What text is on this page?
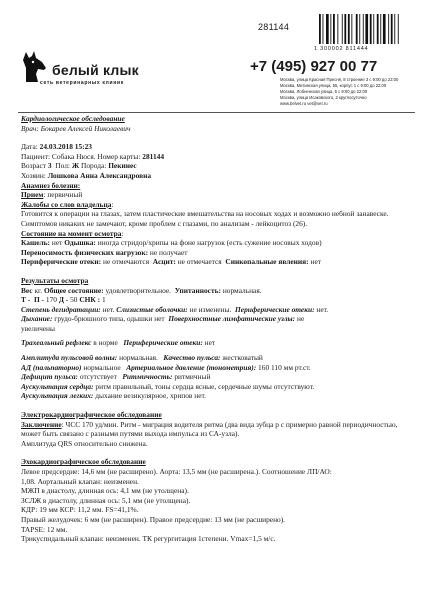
281144
1 300002 811444
белый клык
сеть ветеринарных клиник
+7 (495) 927 00 77
Москва, улица Красная Пресня, 8 строение 3 с 9:00 до 22:00
Москва, Митинская улица, 55, корпус 1 с 9:00 до 22:00
Москва, Лобненская улица, 5 с 9:00 до 22:00
Москва, улица Исаковского, 2 круглосуточно
www.belvet.ru vet@vet.ru
Кардиологическое обследование
Врач: Бокарев Алексей Николаевич
Дата: 24.03.2018 15:23
Пациент: Собака Нюся. Номер карты: 281144
Возраст 3 Пол: Ж Порода: Пекинес
Хозяин: Лошкова Анна Александровна
Анамнез болезни:
Прием: первичный
Жалобы со слов владельца:
Готовится к операции на глазах, затем пластические вмешательства на носовых ходах и возможно небной занавеске.
Симптомов никаких не замечают, кроме проблем с глазами, по анализам - лейкоцитоз (26).
Состояние на момент осмотра:
Кашель: нет Одышка: иногда стридор/хрипы на фоне нагрузок (есть сужение носовых ходов)
Переносимость физических нагрузок: не получает
Периферические отеки: не отмечаются Асцит: не отмечается Синкопальные явления: нет
Результаты осмотра
Вес кг. Общее состояние: удовлетворительное. Упитанность: нормальная.
Т - П - 170 Д - 50 СНК : 1
Степень дегидратации: нет. Слизистые оболочки: не изменены. Периферические отеки: нет.
Дыхание: грудо-брюшного типа, одышки нет Поверхностные лимфатические узлы: не
увеличены
Трахеальный рефлекс в норме Периферические отеки: нет
Амплитуда пульсовой волны: нормальная. Качество пульса: жестковатый
АД (пальпаторно) нормальное Артериальное давление (тонометрия): 160 110 мм рт.ст.
Дефицит пульса: отсутствует Ритмичность: ритмичный
Аускультация сердца: ритм правильный, тоны сердца ясные, сердечные шумы отсутствуют.
Аускультация легких: дыхание везикулярное, хрипов нет.
Электрокардиографическое обследование
Заключение: ЧСС 170 уд/мин. Ритм - миграция водителя ритма (два вида зубца р с примерно равной периодичностью, может быть связано с разными путями выхода импульса из СА-узла).
Амплитуда QRS относительно снижена.
Эхокардиографическое обследование
Левое предсердие: 14,6 мм (не расширено). Аорта: 13,5 мм (не расширена.). Соотношение ЛП/АО:
1,08. Аортальный клапан: неизменен.
МЖП в диастолу, длинная ось: 4,1 мм (не утолщена).
ЗСЛЖ в диастолу, длинная ось: 5,1 мм (не утолщена).
КДР: 19 мм КСР: 11,2 мм. FS=41,1%.
Правый желудочек: 6 мм (не расширен). Правое предсердие: 13 мм (не расширено).
TAPSE: 12 мм.
Трикуспидальный клапан: неизменен. ТК регургитация 1степени. Vmax=1,5 м/с.
